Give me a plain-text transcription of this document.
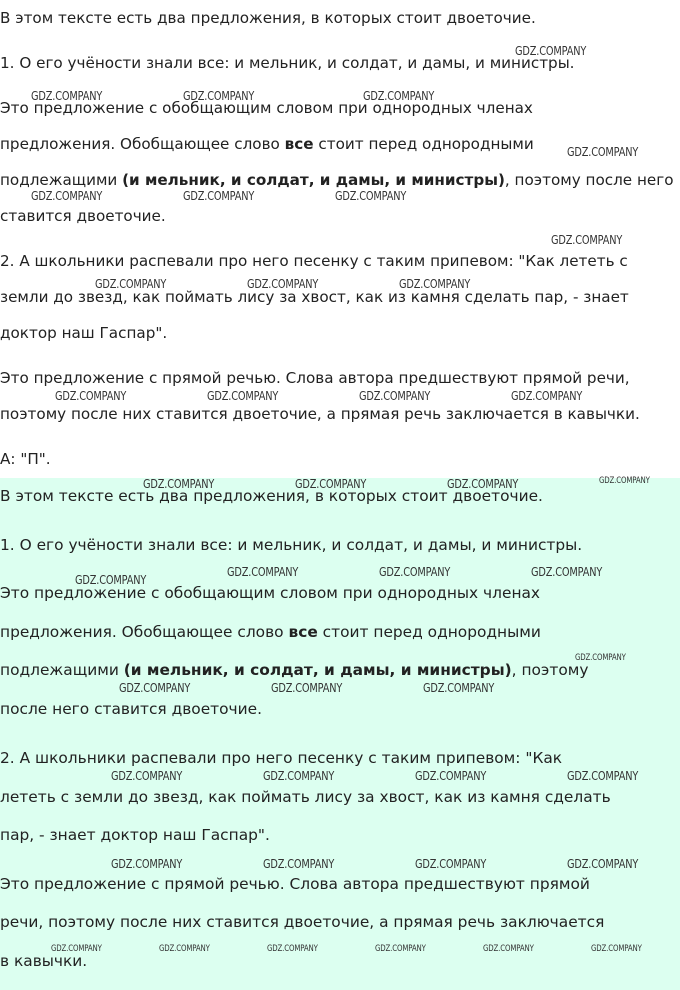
В этом тексте есть два предложения, в которых стоит двоеточие.
1. О его учёности знали все: и мельник, и солдат, и дамы, и министры.
Это предложение с обобщающим словом при однородных членах
предложения. Обобщающее слово все стоит перед однородными
подлежащими (и мельник, и солдат, и дамы, и министры), поэтому после него
ставится двоеточие.
2. А школьники распевали про него песенку с таким припевом: "Как лететь с
земли до звезд, как поймать лису за хвост, как из камня сделать пар, - знает
доктор наш Гаспар".
Это предложение с прямой речью. Слова автора предшествуют прямой речи,
поэтому после них ставится двоеточие, а прямая речь заключается в кавычки.
А: "П".
В этом тексте есть два предложения, в которых стоит двоеточие.
1. О его учёности знали все: и мельник, и солдат, и дамы, и министры.
Это предложение с обобщающим словом при однородных членах
предложения. Обобщающее слово все стоит перед однородными
подлежащими (и мельник, и солдат, и дамы, и министры), поэтому
после него ставится двоеточие.
2. А школьники распевали про него песенку с таким припевом: "Как
лететь с земли до звезд, как поймать лису за хвост, как из камня сделать
пар, - знает доктор наш Гаспар".
Это предложение с прямой речью. Слова автора предшествуют прямой
речи, поэтому после них ставится двоеточие, а прямая речь заключается
в кавычки.
GDZ.COMPANY
GDZ.COMPANY	GDZ.COMPANY	GDZ.COMPANY
GDZ.COMPANY
GDZ.COMPANY	GDZ.COMPANY	GDZ.COMPANY
GDZ.COMPANY
GDZ.COMPANY	GDZ.COMPANY	GDZ.COMPANY
GDZ.COMPANY	GDZ.COMPANY	GDZ.COMPANY	GDZ.COMPANY
GDZ.COMPANY	GDZ.COMPANY	GDZ.COMPANY	GDZ.COMPANY
GDZ.COMPANY	GDZ.COMPANY	GDZ.COMPANY
GDZ.COMPANY
GDZ.COMPANY
GDZ.COMPANY	GDZ.COMPANY	GDZ.COMPANY
GDZ.COMPANY	GDZ.COMPANY	GDZ.COMPANY	GDZ.COMPANY
GDZ.COMPANY	GDZ.COMPANY	GDZ.COMPANY	GDZ.COMPANY
GDZ.COMPANY	GDZ.COMPANY	GDZ.COMPANY	GDZ.COMPANY	GDZ.COMPANY	GDZ.COMPANY
